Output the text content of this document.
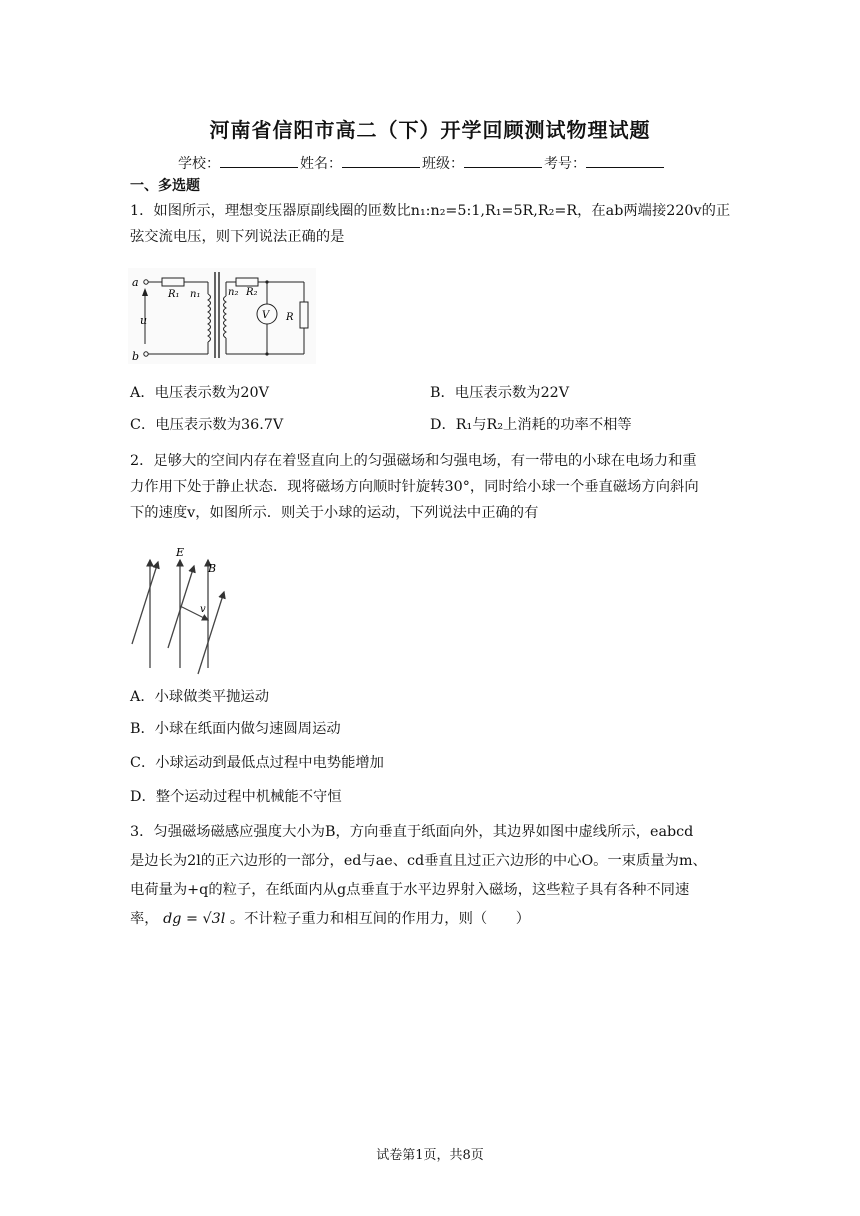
河南省信阳市高二（下）开学回顾测试物理试题
学校：	姓名：	班级：	考号：
一、多选题
1．如图所示，理想变压器原副线圈的匝数比n₁:n₂=5:1,R₁=5R,R₂=R，在ab两端接220v的正
弦交流电压，则下列说法正确的是
a
b
u
R₁ n₁	n₂ R₂
V R
A．电压表示数为20V	B．电压表示数为22V
C．电压表示数为36.7V	D．R₁与R₂上消耗的功率不相等
2．足够大的空间内存在着竖直向上的匀强磁场和匀强电场，有一带电的小球在电场力和重
力作用下处于静止状态．现将磁场方向顺时针旋转30°，同时给小球一个垂直磁场方向斜向
下的速度v，如图所示．则关于小球的运动，下列说法中正确的有
E
B
v
A．小球做类平抛运动
B．小球在纸面内做匀速圆周运动
C．小球运动到最低点过程中电势能增加
D．整个运动过程中机械能不守恒
3．匀强磁场磁感应强度大小为B，方向垂直于纸面向外，其边界如图中虚线所示，eabcd
是边长为2l的正六边形的一部分，ed与ae、cd垂直且过正六边形的中心O。一束质量为m、
电荷量为+q的粒子，在纸面内从g点垂直于水平边界射入磁场，这些粒子具有各种不同速
率， dg = √3l 。不计粒子重力和相互间的作用力，则（　　）
试卷第1页，共8页
